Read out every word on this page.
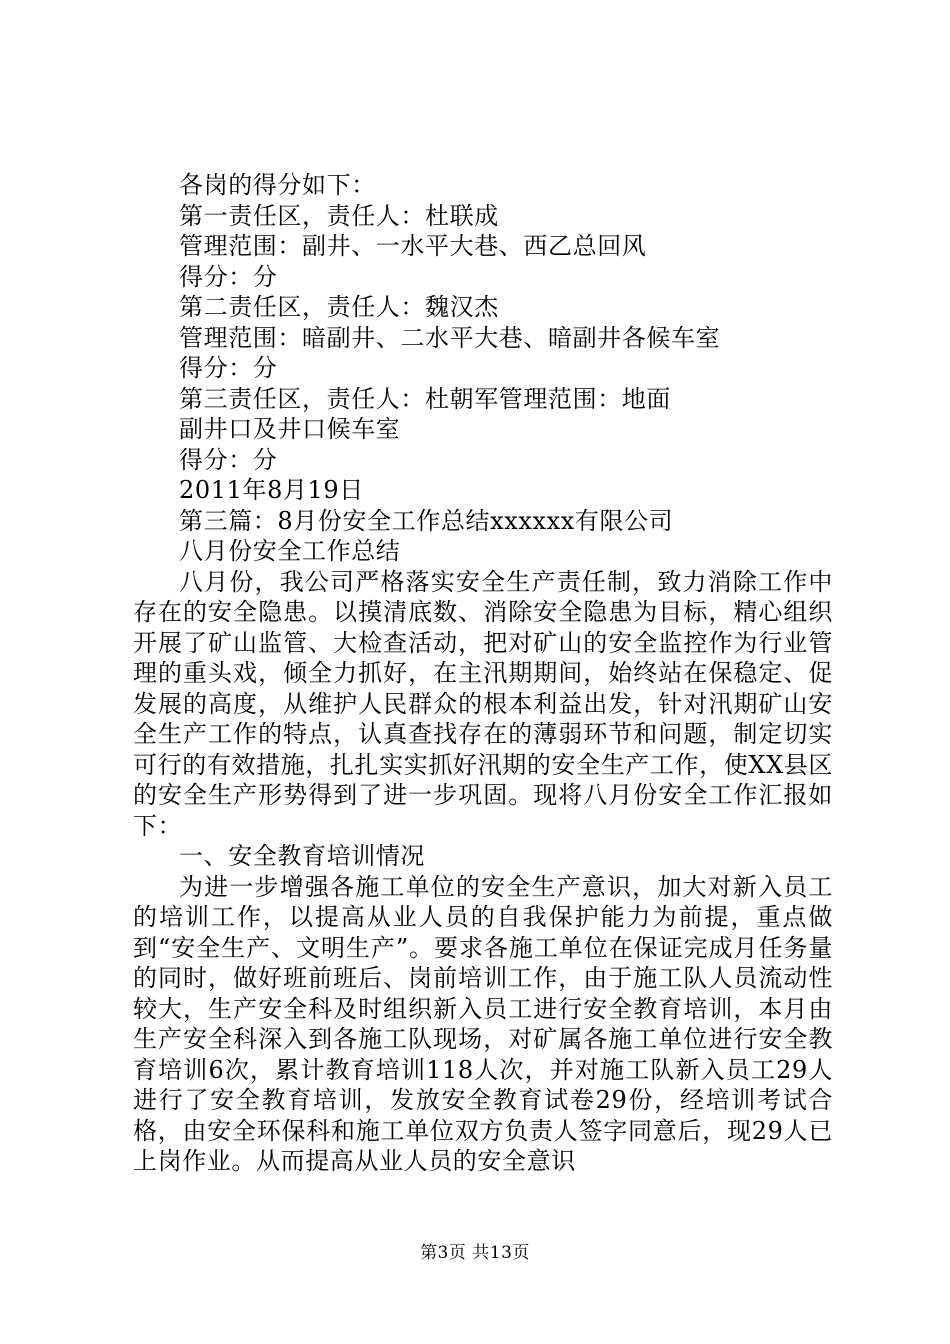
各岗的得分如下：
第一责任区，责任人：杜联成
管理范围：副井、一水平大巷、西乙总回风
得分：分
第二责任区，责任人：魏汉杰
管理范围：暗副井、二水平大巷、暗副井各候车室
得分：分
第三责任区，责任人：杜朝军管理范围：地面
副井口及井口候车室
得分：分
2011年8月19日
第三篇：8月份安全工作总结xxxxxx有限公司
八月份安全工作总结

八月份，我公司严格落实安全生产责任制，致力消除工作中存在的安全隐患。以摸清底数、消除安全隐患为目标，精心组织开展了矿山监管、大检查活动，把对矿山的安全监控作为行业管理的重头戏，倾全力抓好，在主汛期期间，始终站在保稳定、促发展的高度，从维护人民群众的根本利益出发，针对汛期矿山安全生产工作的特点，认真查找存在的薄弱环节和问题，制定切实可行的有效措施，扎扎实实抓好汛期的安全生产工作，使XX县区的安全生产形势得到了进一步巩固。现将八月份安全工作汇报如下：

一、安全教育培训情况

为进一步增强各施工单位的安全生产意识，加大对新入员工的培训工作，以提高从业人员的自我保护能力为前提，重点做到“安全生产、文明生产”。要求各施工单位在保证完成月任务量的同时，做好班前班后、岗前培训工作，由于施工队人员流动性较大，生产安全科及时组织新入员工进行安全教育培训，本月由生产安全科深入到各施工队现场，对矿属各施工单位进行安全教育培训6次，累计教育培训118人次，并对施工队新入员工29人进行了安全教育培训，发放安全教育试卷29份，经培训考试合格，由安全环保科和施工单位双方负责人签字同意后，现29人已上岗作业。从而提高从业人员的安全意识

第3页 共13页
